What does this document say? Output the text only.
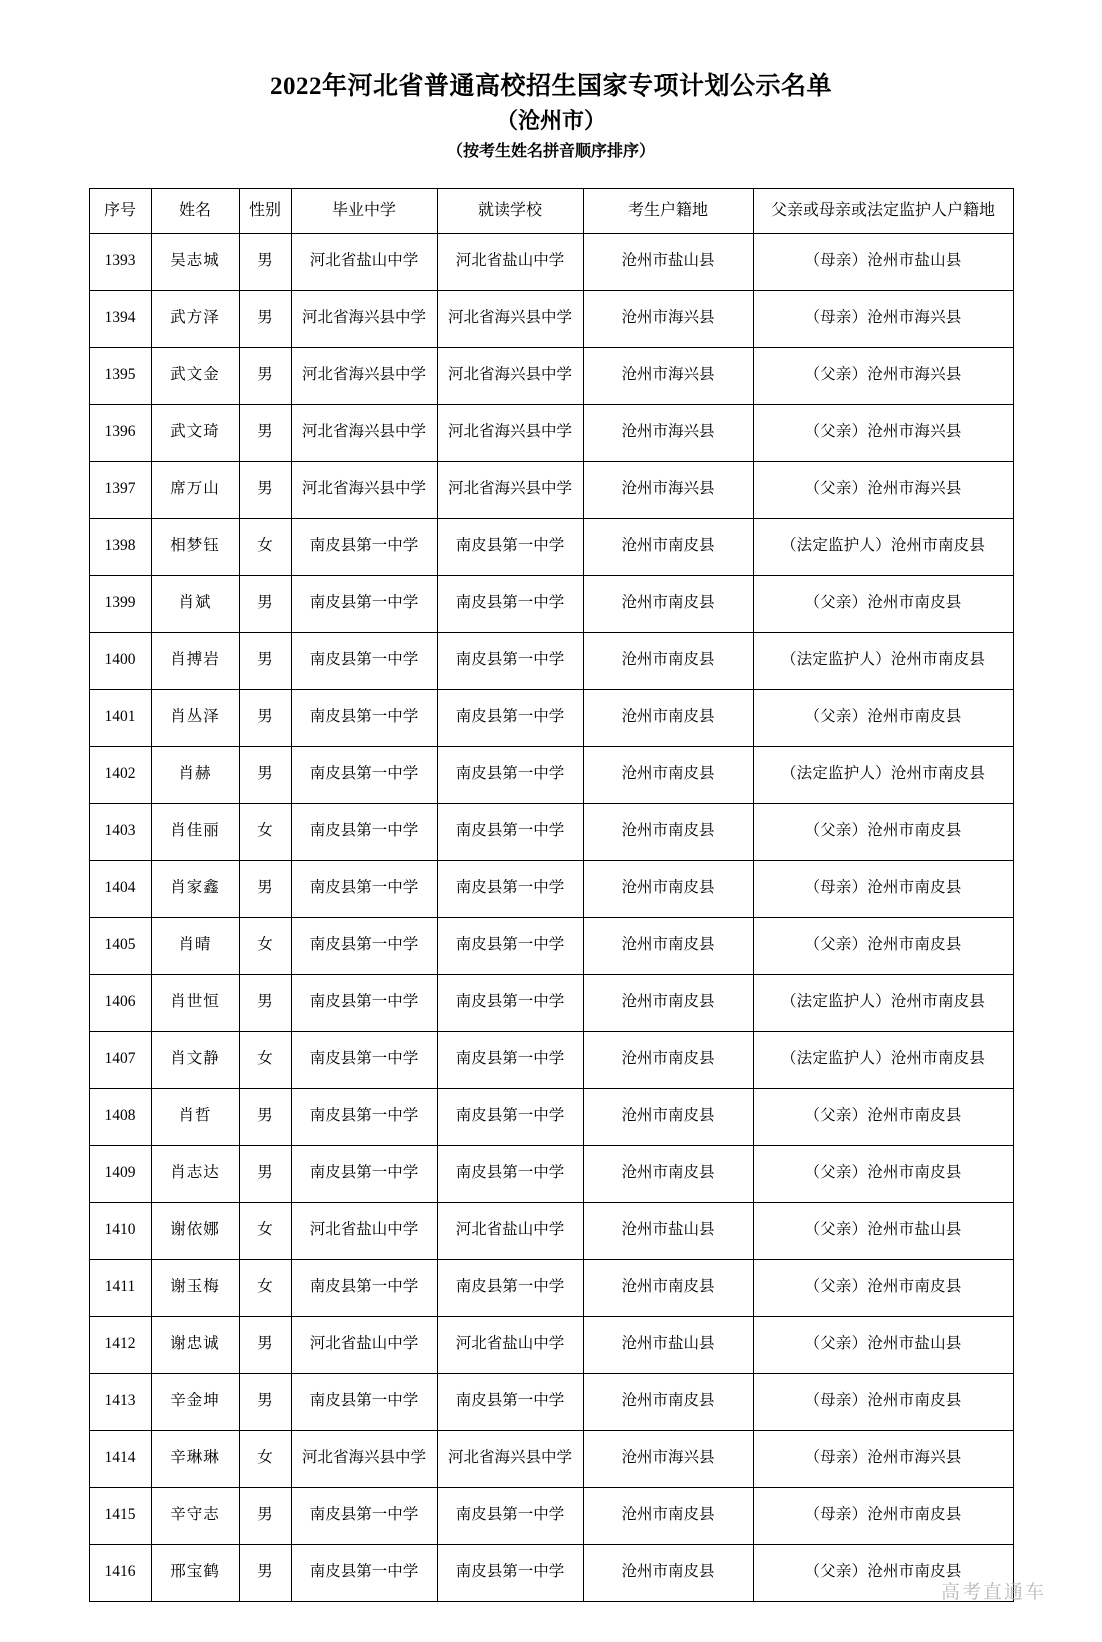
2022年河北省普通高校招生国家专项计划公示名单
（沧州市）
（按考生姓名拼音顺序排序）
序号	姓名	性别	毕业中学	就读学校	考生户籍地	父亲或母亲或法定监护人户籍地
1393	吴志城	男	河北省盐山中学	河北省盐山中学	沧州市盐山县	（母亲）沧州市盐山县
1394	武方泽	男	河北省海兴县中学	河北省海兴县中学	沧州市海兴县	（母亲）沧州市海兴县
1395	武文金	男	河北省海兴县中学	河北省海兴县中学	沧州市海兴县	（父亲）沧州市海兴县
1396	武文琦	男	河北省海兴县中学	河北省海兴县中学	沧州市海兴县	（父亲）沧州市海兴县
1397	席万山	男	河北省海兴县中学	河北省海兴县中学	沧州市海兴县	（父亲）沧州市海兴县
1398	相梦钰	女	南皮县第一中学	南皮县第一中学	沧州市南皮县	（法定监护人）沧州市南皮县
1399	肖斌	男	南皮县第一中学	南皮县第一中学	沧州市南皮县	（父亲）沧州市南皮县
1400	肖搏岩	男	南皮县第一中学	南皮县第一中学	沧州市南皮县	（法定监护人）沧州市南皮县
1401	肖丛泽	男	南皮县第一中学	南皮县第一中学	沧州市南皮县	（父亲）沧州市南皮县
1402	肖赫	男	南皮县第一中学	南皮县第一中学	沧州市南皮县	（法定监护人）沧州市南皮县
1403	肖佳丽	女	南皮县第一中学	南皮县第一中学	沧州市南皮县	（父亲）沧州市南皮县
1404	肖家鑫	男	南皮县第一中学	南皮县第一中学	沧州市南皮县	（母亲）沧州市南皮县
1405	肖晴	女	南皮县第一中学	南皮县第一中学	沧州市南皮县	（父亲）沧州市南皮县
1406	肖世恒	男	南皮县第一中学	南皮县第一中学	沧州市南皮县	（法定监护人）沧州市南皮县
1407	肖文静	女	南皮县第一中学	南皮县第一中学	沧州市南皮县	（法定监护人）沧州市南皮县
1408	肖哲	男	南皮县第一中学	南皮县第一中学	沧州市南皮县	（父亲）沧州市南皮县
1409	肖志达	男	南皮县第一中学	南皮县第一中学	沧州市南皮县	（父亲）沧州市南皮县
1410	谢依娜	女	河北省盐山中学	河北省盐山中学	沧州市盐山县	（父亲）沧州市盐山县
1411	谢玉梅	女	南皮县第一中学	南皮县第一中学	沧州市南皮县	（父亲）沧州市南皮县
1412	谢忠诚	男	河北省盐山中学	河北省盐山中学	沧州市盐山县	（父亲）沧州市盐山县
1413	辛金坤	男	南皮县第一中学	南皮县第一中学	沧州市南皮县	（母亲）沧州市南皮县
1414	辛琳琳	女	河北省海兴县中学	河北省海兴县中学	沧州市海兴县	（母亲）沧州市海兴县
1415	辛守志	男	南皮县第一中学	南皮县第一中学	沧州市南皮县	（母亲）沧州市南皮县
1416	邢宝鹤	男	南皮县第一中学	南皮县第一中学	沧州市南皮县	（父亲）沧州市南皮县
高考直通车
